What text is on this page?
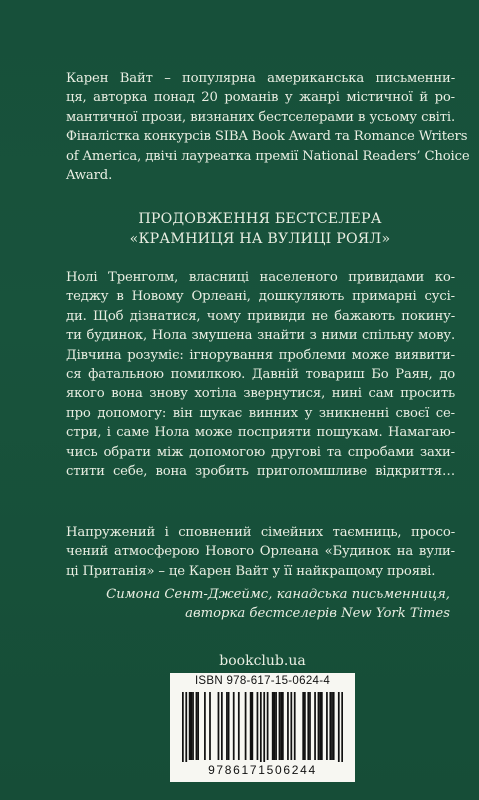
Карен Вайт – популярна американська письменни-
ця, авторка понад 20 романів у жанрі містичної й ро-
мантичної прози, визнаних бестселерами в усьому світі.
Фіналістка конкурсів SIBA Book Award та Romance Writers
of America, двічі лауреатка премії National Readers’ Choice
Award.

ПРОДОВЖЕННЯ БЕСТСЕЛЕРА
«КРАМНИЦЯ НА ВУЛИЦІ РОЯЛ»

Нолі Тренголм, власниці населеного привидами ко-
теджу в Новому Орлеані, дошкуляють примарні сусі-
ди. Щоб дізнатися, чому привиди не бажають покину-
ти будинок, Нола змушена знайти з ними спільну мову.
Дівчина розуміє: ігнорування проблеми може виявити-
ся фатальною помилкою. Давній товариш Бо Раян, до
якого вона знову хотіла звернутися, нині сам просить
про допомогу: він шукає винних у зникненні своєї се-
стри, і саме Нола може посприяти пошукам. Намагаю-
чись обрати між допомогою другові та спробами захи-
стити себе, вона зробить приголомшливе відкриття…

Напружений і сповнений сімейних таємниць, просо-
чений атмосферою Нового Орлеана «Будинок на вули-
ці Пританія» – це Карен Вайт у її найкращому прояві.

Симона Сент-Джеймс, канадська письменниця,
авторка бестселерів New York Times
bookclub.ua
ISBN 978-617-15-0624-4
9786171506244
